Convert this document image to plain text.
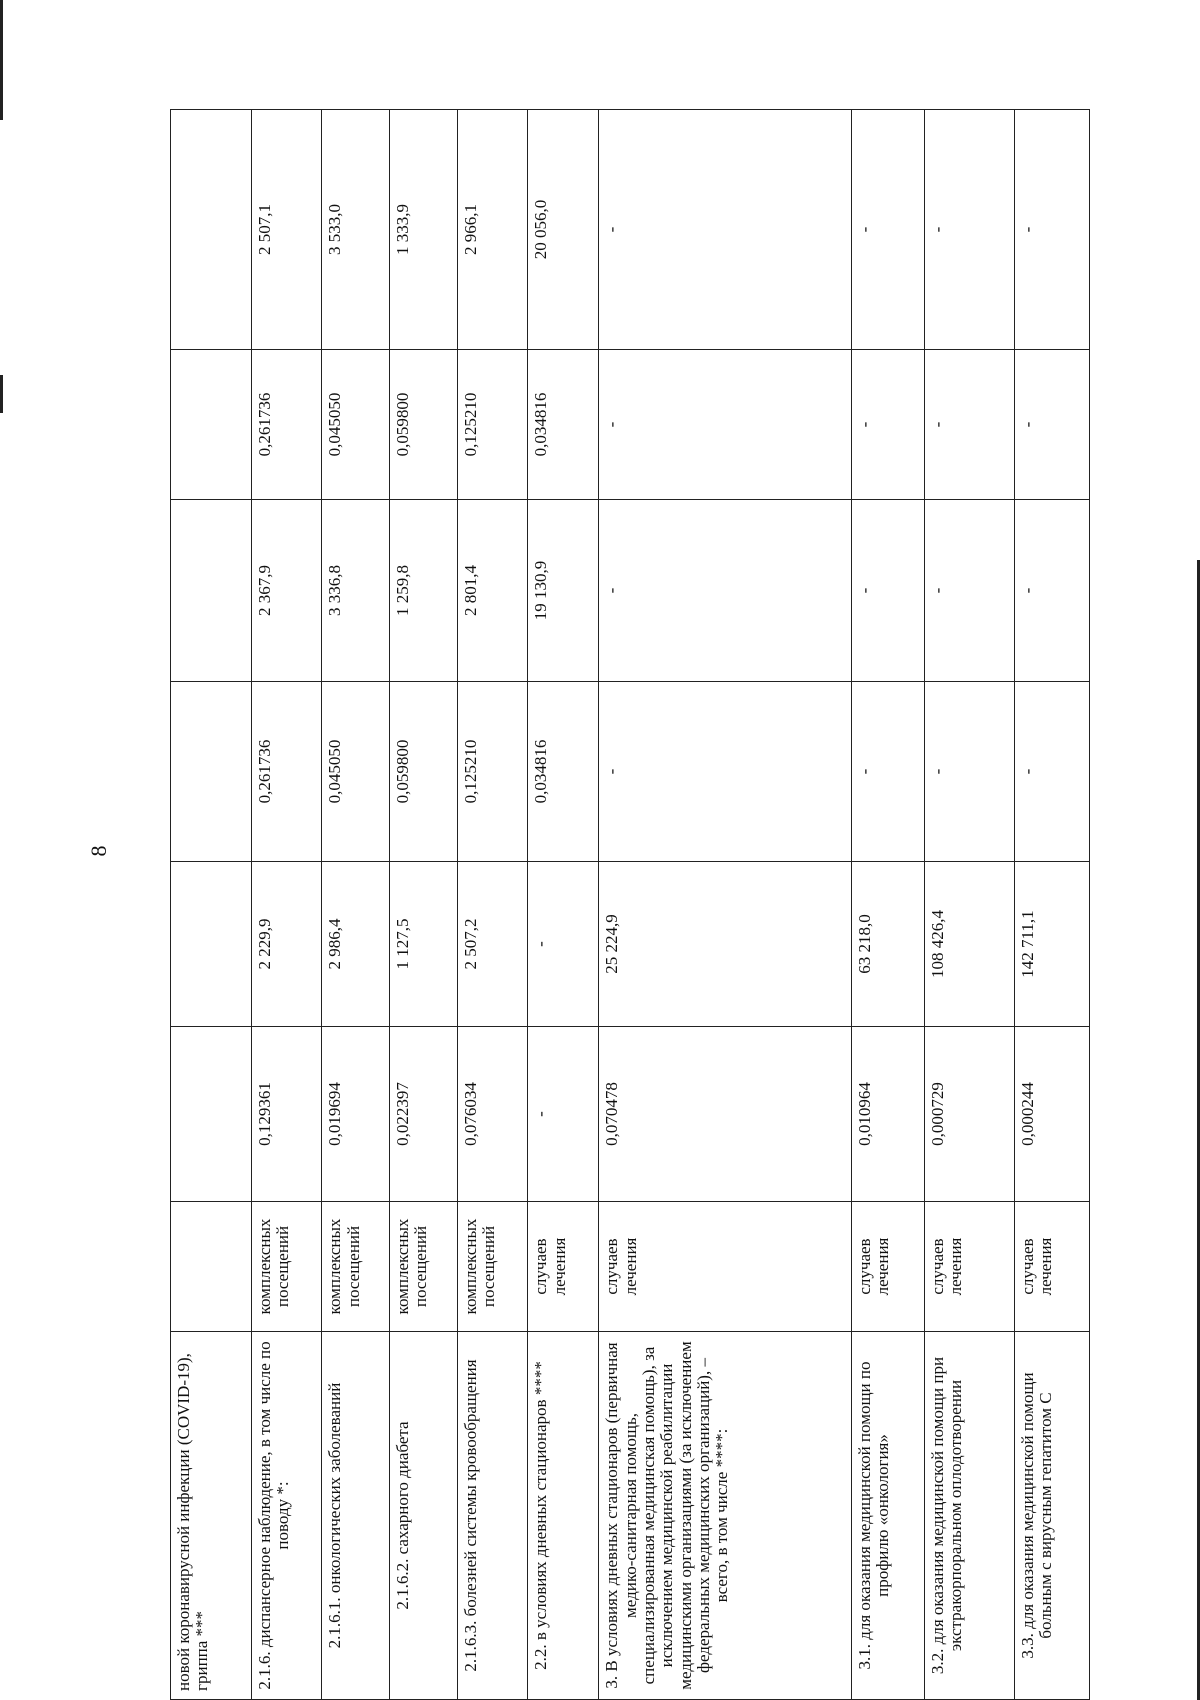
8
новой коронавирусной инфекции (COVID-19), гриппа ***							
2.1.6. диспансерное наблюдение, в том числе по поводу *:	комплексных посещений	0,129361	2 229,9	0,261736	2 367,9	0,261736	2 507,1
2.1.6.1. онкологических заболеваний	комплексных посещений	0,019694	2 986,4	0,045050	3 336,8	0,045050	3 533,0
2.1.6.2. сахарного диабета	комплексных посещений	0,022397	1 127,5	0,059800	1 259,8	0,059800	1 333,9
2.1.6.3. болезней системы кровообращения	комплексных посещений	0,076034	2 507,2	0,125210	2 801,4	0,125210	2 966,1
2.2. в условиях дневных стационаров ****	случаев лечения	-	-	0,034816	19 130,9	0,034816	20 056,0
3. В условиях дневных стационаров (первичная медико-санитарная помощь, специализированная медицинская помощь), за исключением медицинской реабилитации медицинскими организациями (за исключением федеральных медицинских организаций), – всего, в том числе ****:	случаев лечения	0,070478	25 224,9	-	-	-	-
3.1. для оказания медицинской помощи по профилю «онкология»	случаев лечения	0,010964	63 218,0	-	-	-	-
3.2. для оказания медицинской помощи при экстракорпоральном оплодотворении	случаев лечения	0,000729	108 426,4	-	-	-	-
3.3. для оказания медицинской помощи больным с вирусным гепатитом С	случаев лечения	0,000244	142 711,1	-	-	-	-
